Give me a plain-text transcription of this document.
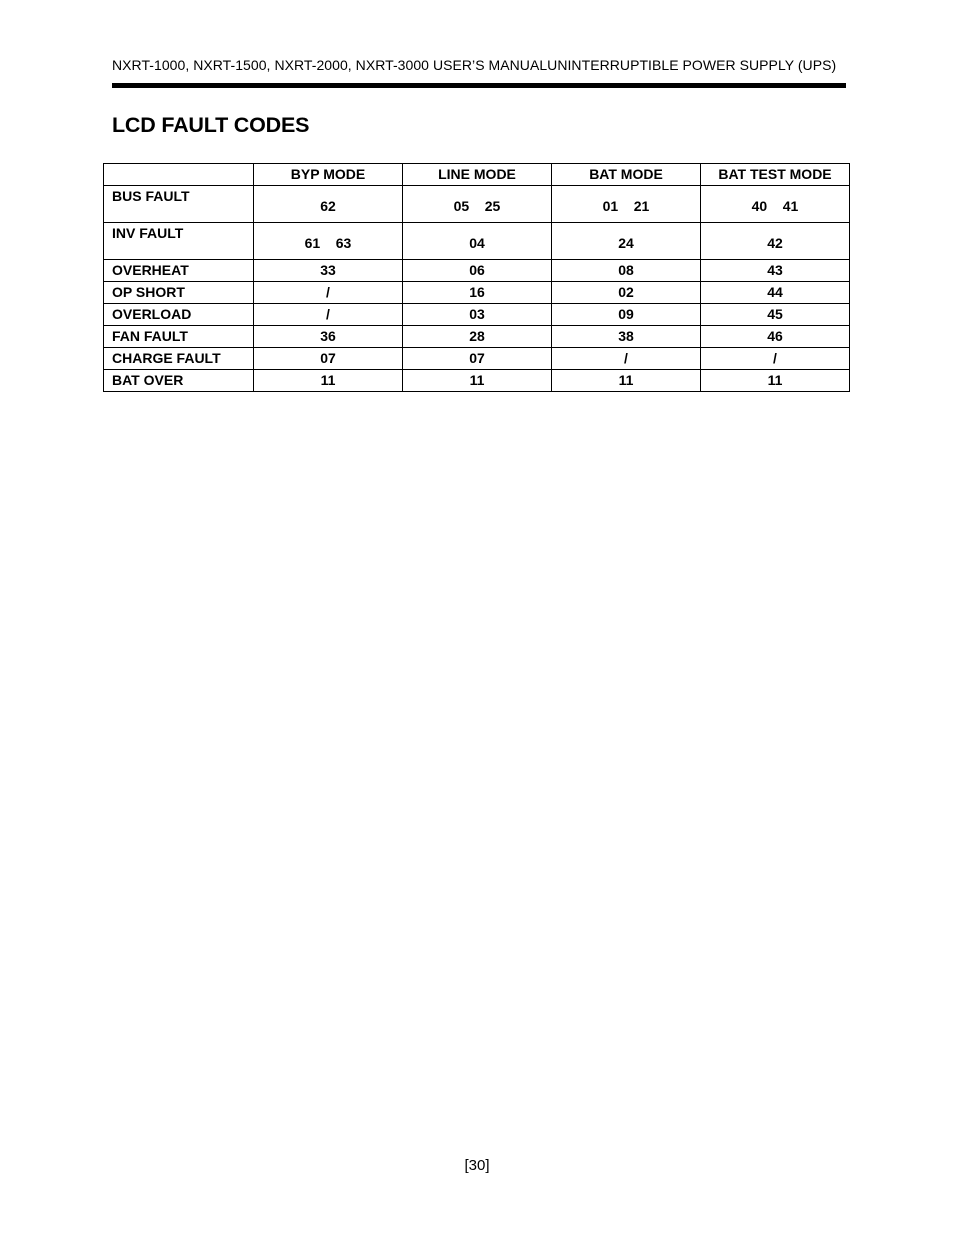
NXRT-1000, NXRT-1500, NXRT-2000, NXRT-3000 USER’S MANUALUNINTERRUPTIBLE POWER SUPPLY (UPS)
LCD FAULT CODES
	BYP MODE	LINE MODE	BAT MODE	BAT TEST MODE
BUS FAULT	62	05    25	01    21	40    41
INV FAULT	61    63	04	24	42
OVERHEAT	33	06	08	43
OP SHORT	/	16	02	44
OVERLOAD	/	03	09	45
FAN FAULT	36	28	38	46
CHARGE FAULT	07	07	/	/
BAT OVER	11	11	11	11
[30]
